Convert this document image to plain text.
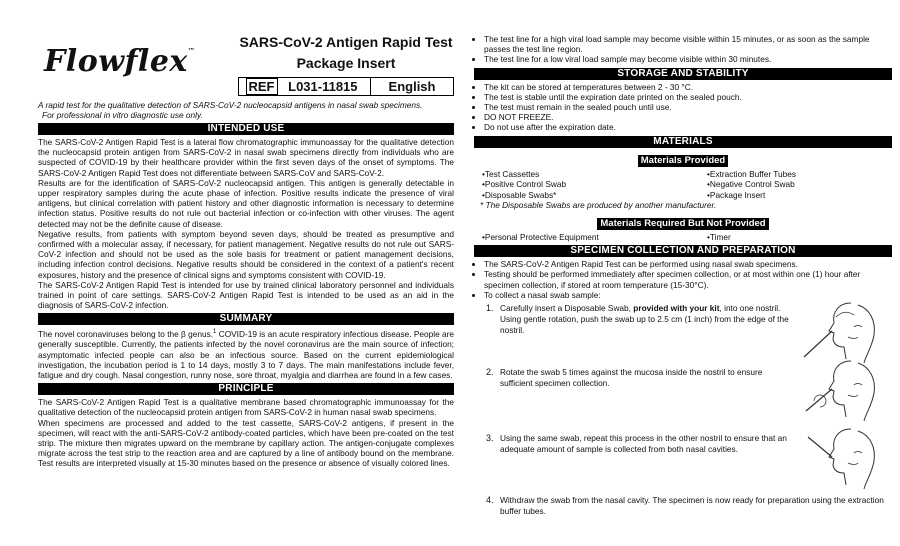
Flowflex™
SARS-CoV-2 Antigen Rapid Test
Package Insert
REF L031-11815	English
A rapid test for the qualitative detection of SARS-CoV-2 nucleocapsid antigens in nasal swab specimens.
For professional in vitro diagnostic use only.
INTENDED USE

The SARS-CoV-2 Antigen Rapid Test is a lateral flow chromatographic immunoassay for the qualitative detection the nucleocapsid protein antigen from SARS-CoV-2 in nasal swab specimens directly from individuals who are suspected of COVID-19 by their healthcare provider within the first seven days of the onset of symptoms. The SARS-CoV-2 Antigen Rapid Test does not differentiate between SARS-CoV and SARS-CoV-2.

Results are for the identification of SARS-CoV-2 nucleocapsid antigen. This antigen is generally detectable in upper respiratory samples during the acute phase of infection. Positive results indicate the presence of viral antigens, but clinical correlation with patient history and other diagnostic information is necessary to determine infection status. Positive results do not rule out bacterial infection or co-infection with other viruses. The agent detected may not be the definite cause of disease.

Negative results, from patients with symptom beyond seven days, should be treated as presumptive and confirmed with a molecular assay, if necessary, for patient management. Negative results do not rule out SARS-CoV-2 infection and should not be used as the sole basis for treatment or patient management decisions, including infection control decisions. Negative results should be considered in the context of a patient's recent exposures, history and the presence of clinical signs and symptoms consistent with COVID-19.

The SARS-CoV-2 Antigen Rapid Test is intended for use by trained clinical laboratory personnel and individuals trained in point of care settings. SARS-CoV-2 Antigen Rapid Test is intended to be used as an aid in the diagnosis of SARS-CoV-2 infection.

SUMMARY

The novel coronaviruses belong to the β genus.$^1$ COVID-19 is an acute respiratory infectious disease. People are generally susceptible. Currently, the patients infected by the novel coronavirus are the main source of infection; asymptomatic infected people can also be an infectious source. Based on the current epidemiological investigation, the incubation period is 1 to 14 days, mostly 3 to 7 days. The main manifestations include fever, fatigue and dry cough. Nasal congestion, runny nose, sore throat, myalgia and diarrhea are found in a few cases.

PRINCIPLE

The SARS-CoV-2 Antigen Rapid Test is a qualitative membrane based chromatographic immunoassay for the qualitative detection of the nucleocapsid protein antigen from SARS-CoV-2 in human nasal swab specimens.

When specimens are processed and added to the test cassette, SARS-CoV-2 antigens, if present in the specimen, will react with the anti-SARS-CoV-2 antibody-coated particles, which have been pre-coated on the test strip. The mixture then migrates upward on the membrane by capillary action. The antigen-conjugate complexes migrate across the test strip to the reaction area and are captured by a line of antibody bound on the membrane. Test results are interpreted visually at 15-30 minutes based on the presence or absence of visually colored lines.

• The test line for a high viral load sample may become visible within 15 minutes, or as soon as the sample passes the test line region.
• The test line for a low viral load sample may become visible within 30 minutes.
STORAGE AND STABILITY
• The kit can be stored at temperatures between 2 - 30 °C.
• The test is stable until the expiration date printed on the sealed pouch.
• The test must remain in the sealed pouch until use.
• DO NOT FREEZE.
• Do not use after the expiration date.
MATERIALS
Materials Provided
•Test Cassettes	•Extraction Buffer Tubes
•Positive Control Swab	•Negative Control Swab
•Disposable Swabs*	•Package Insert
* The Disposable Swabs are produced by another manufacturer.
Materials Required But Not Provided
•Personal Protective Equipment	•Timer
SPECIMEN COLLECTION AND PREPARATION
• The SARS-CoV-2 Antigen Rapid Test can be performed using nasal swab specimens.
• Testing should be performed immediately after specimen collection, or at most within one (1) hour after specimen collection, if stored at room temperature (15-30°C).
• To collect a nasal swab sample:
1. Carefully insert a Disposable Swab, provided with your kit, into one nostril. Using gentle rotation, push the swab up to 2.5 cm (1 inch) from the edge of the nostril.
2. Rotate the swab 5 times against the mucosa inside the nostril to ensure sufficient specimen collection.
3. Using the same swab, repeat this process in the other nostril to ensure that an adequate amount of sample is collected from both nasal cavities.
4. Withdraw the swab from the nasal cavity. The specimen is now ready for preparation using the extraction buffer tubes.
